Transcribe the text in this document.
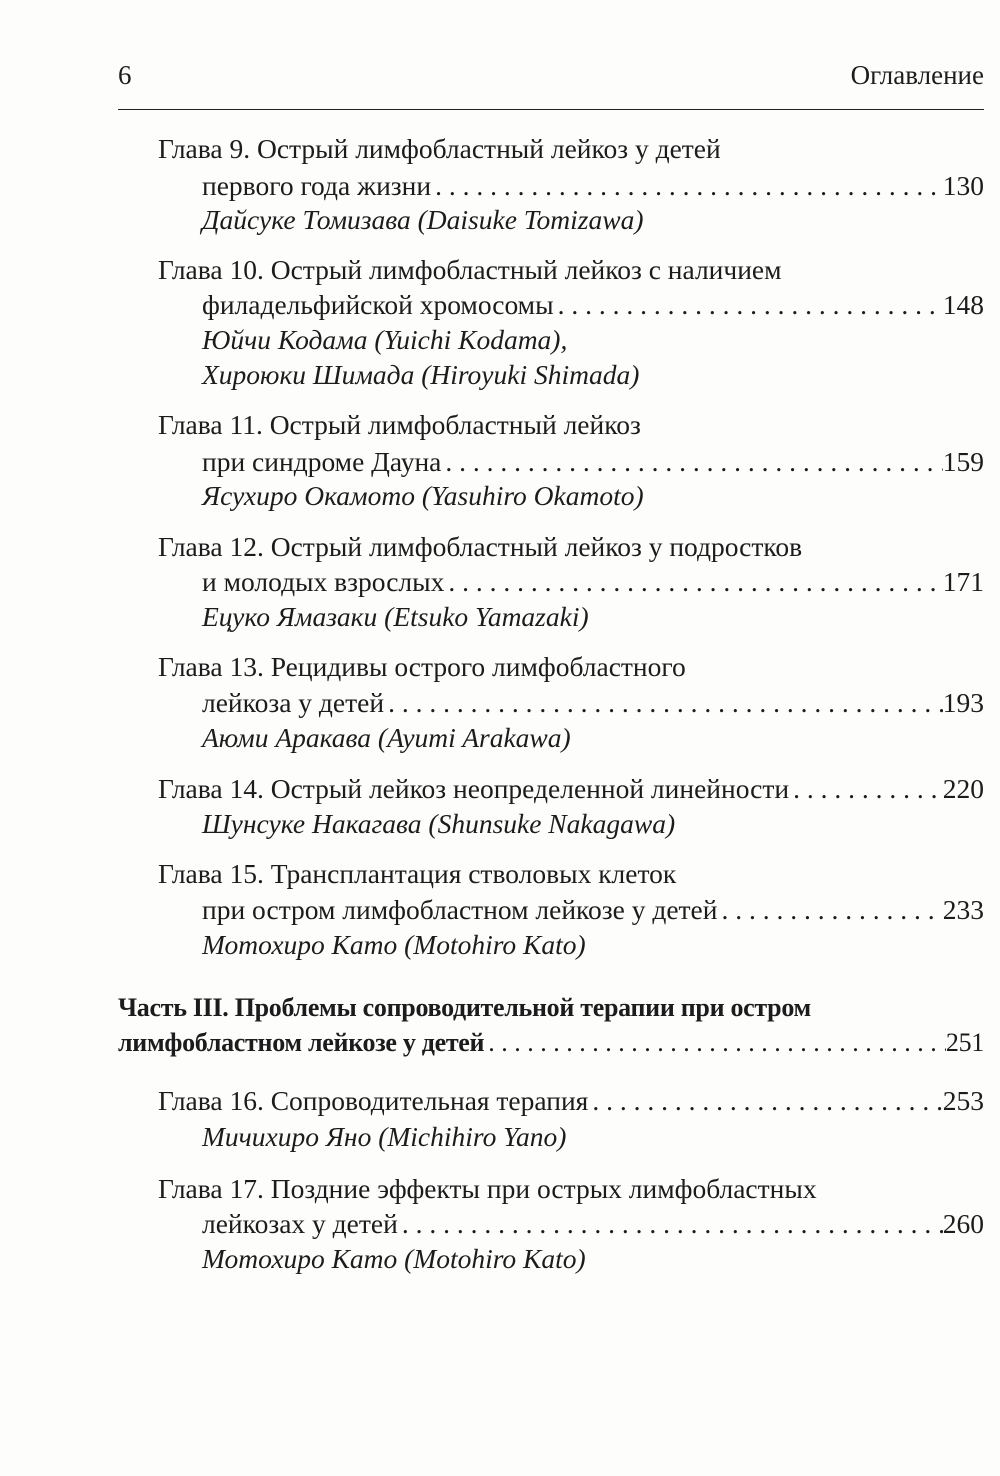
6	Оглавление
Глава 9. Острый лимфобластный лейкоз у детей
первого года жизни . . .	130
Дайсуке Томизава (Daisuke Tomizawa)
Глава 10. Острый лимфобластный лейкоз с наличием
филадельфийской хромосомы . . .	148
Юйчи Кодама (Yuichi Kodama),
Хироюки Шимада (Hiroyuki Shimada)
Глава 11. Острый лимфобластный лейкоз
при синдроме Дауна . . .	159
Ясухиро Окамото (Yasuhiro Okamoto)
Глава 12. Острый лимфобластный лейкоз у подростков
и молодых взрослых . . .	171
Ецуко Ямазаки (Etsuko Yamazaki)
Глава 13. Рецидивы острого лимфобластного
лейкоза у детей . . .	193
Аюми Аракава (Ayumi Arakawa)
Глава 14. Острый лейкоз неопределенной линейности . . .	220
Шунсуке Накагава (Shunsuke Nakagawa)
Глава 15. Трансплантация стволовых клеток
при остром лимфобластном лейкозе у детей . . .	233
Мотохиро Като (Motohiro Kato)
Часть III. Проблемы сопроводительной терапии при остром
лимфобластном лейкозе у детей . . .	251
Глава 16. Сопроводительная терапия . . .	253
Мичихиро Яно (Michihiro Yano)
Глава 17. Поздние эффекты при острых лимфобластных
лейкозах у детей . . .	260
Мотохиро Като (Motohiro Kato)
